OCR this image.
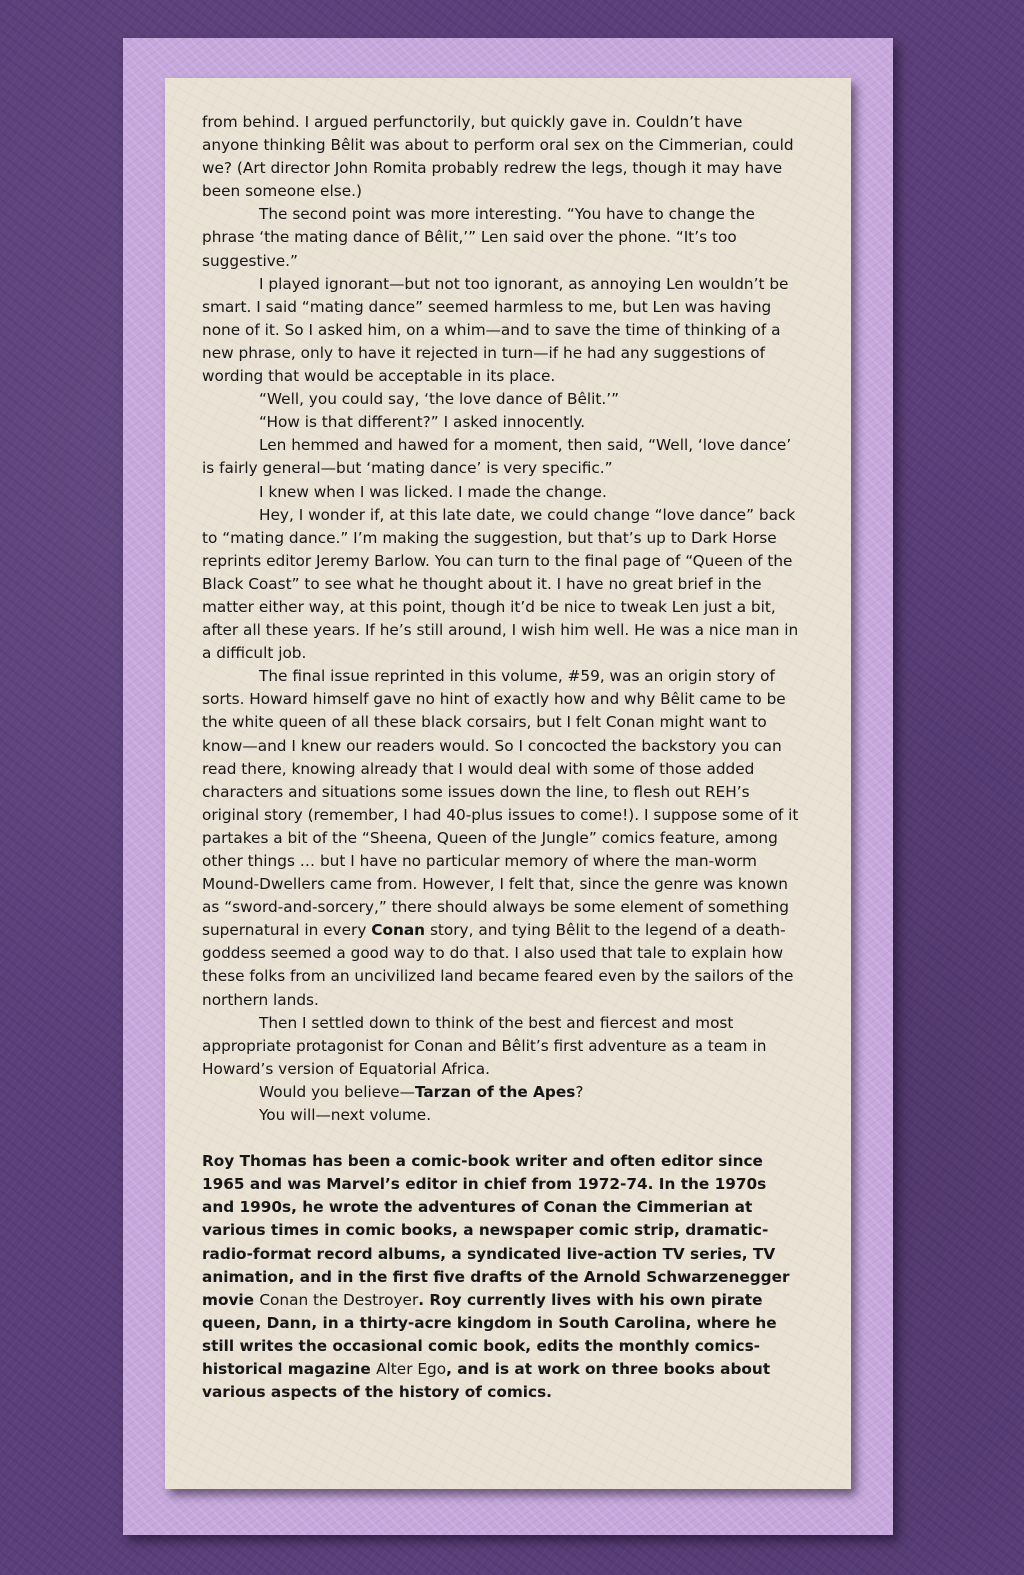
from behind. I argued perfunctorily, but quickly gave in. Couldn’t have anyone thinking Bêlit was about to perform oral sex on the Cimmerian, could we? (Art director John Romita probably redrew the legs, though it may have been someone else.)

The second point was more interesting. “You have to change the phrase ‘the mating dance of Bêlit,’” Len said over the phone. “It’s too suggestive.”

I played ignorant—but not too ignorant, as annoying Len wouldn’t be smart. I said “mating dance” seemed harmless to me, but Len was having none of it. So I asked him, on a whim—and to save the time of thinking of a new phrase, only to have it rejected in turn—if he had any suggestions of wording that would be acceptable in its place.

“Well, you could say, ‘the love dance of Bêlit.’”

“How is that different?” I asked innocently.

Len hemmed and hawed for a moment, then said, “Well, ‘love dance’ is fairly general—but ‘mating dance’ is very specific.”

I knew when I was licked. I made the change.

Hey, I wonder if, at this late date, we could change “love dance” back to “mating dance.” I’m making the suggestion, but that’s up to Dark Horse reprints editor Jeremy Barlow. You can turn to the final page of “Queen of the Black Coast” to see what he thought about it. I have no great brief in the matter either way, at this point, though it’d be nice to tweak Len just a bit, after all these years. If he’s still around, I wish him well. He was a nice man in a difficult job.

The final issue reprinted in this volume, #59, was an origin story of sorts. Howard himself gave no hint of exactly how and why Bêlit came to be the white queen of all these black corsairs, but I felt Conan might want to know—and I knew our readers would. So I concocted the backstory you can read there, knowing already that I would deal with some of those added characters and situations some issues down the line, to flesh out REH’s original story (remember, I had 40-plus issues to come!). I suppose some of it partakes a bit of the “Sheena, Queen of the Jungle” comics feature, among other things … but I have no particular memory of where the man-worm Mound-Dwellers came from. However, I felt that, since the genre was known as “sword-and-sorcery,” there should always be some element of something supernatural in every Conan story, and tying Bêlit to the legend of a death-goddess seemed a good way to do that. I also used that tale to explain how these folks from an uncivilized land became feared even by the sailors of the northern lands.

Then I settled down to think of the best and fiercest and most appropriate protagonist for Conan and Bêlit’s first adventure as a team in Howard’s version of Equatorial Africa.

Would you believe—Tarzan of the Apes?

You will—next volume.

Roy Thomas has been a comic-book writer and often editor since 1965 and was Marvel’s editor in chief from 1972-74. In the 1970s and 1990s, he wrote the adventures of Conan the Cimmerian at various times in comic books, a newspaper comic strip, dramatic-radio-format record albums, a syndicated live-action TV series, TV animation, and in the first five drafts of the Arnold Schwarzenegger movie Conan the Destroyer. Roy currently lives with his own pirate queen, Dann, in a thirty-acre kingdom in South Carolina, where he still writes the occasional comic book, edits the monthly comics-historical magazine Alter Ego, and is at work on three books about various aspects of the history of comics.
